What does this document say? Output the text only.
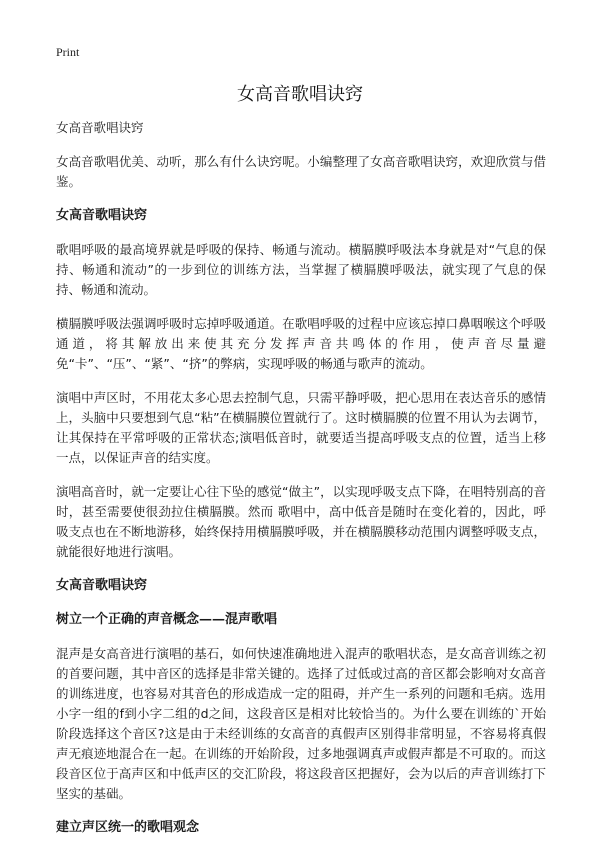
Print
女高音歌唱诀窍

女高音歌唱诀窍

女高音歌唱优美、动听，那么有什么诀窍呢。小编整理了女高音歌唱诀窍，欢迎欣赏与借鉴。

女高音歌唱诀窍

歌唱呼吸的最高境界就是呼吸的保持、畅通与流动。横膈膜呼吸法本身就是对“气息的保持、畅通和流动”的一步到位的训练方法，当掌握了横膈膜呼吸法，就实现了气息的保持、畅通和流动。

横膈膜呼吸法强调呼吸时忘掉呼吸通道。在歌唱呼吸的过程中应该忘掉口鼻咽喉这个呼吸通道，将其解放出来使其充分发挥声音共鸣体的作用，使声音尽量避免“卡”、“压”、“紧”、“挤”的弊病，实现呼吸的畅通与歌声的流动。

演唱中声区时，不用花太多心思去控制气息，只需平静呼吸，把心思用在表达音乐的感情上，头脑中只要想到气息“粘”在横膈膜位置就行了。这时横膈膜的位置不用认为去调节，让其保持在平常呼吸的正常状态;演唱低音时，就要适当提高呼吸支点的位置，适当上移一点，以保证声音的结实度。

演唱高音时，就一定要让心往下坠的感觉“做主”，以实现呼吸支点下降，在唱特别高的音时，甚至需要使很劲拉住横膈膜。然而 歌唱中，高中低音是随时在变化着的，因此，呼吸支点也在不断地游移，始终保持用横膈膜呼吸，并在横膈膜移动范围内调整呼吸支点，就能很好地进行演唱。

女高音歌唱诀窍
树立一个正确的声音概念——混声歌唱

混声是女高音进行演唱的基石，如何快速准确地进入混声的歌唱状态，是女高音训练之初的首要问题，其中音区的选择是非常关键的。选择了过低或过高的音区都会影响对女高音的训练进度，也容易对其音色的形成造成一定的阻碍，并产生一系列的问题和毛病。选用小字一组的f到小字二组的d之间，这段音区是相对比较恰当的。为什么要在训练的`开始阶段选择这个音区?这是由于未经训练的女高音的真假声区别得非常明显，不容易将真假声无痕迹地混合在一起。在训练的开始阶段，过多地强调真声或假声都是不可取的。而这段音区位于高声区和中低声区的交汇阶段，将这段音区把握好，会为以后的声音训练打下坚实的基础。

建立声区统一的歌唱观念
